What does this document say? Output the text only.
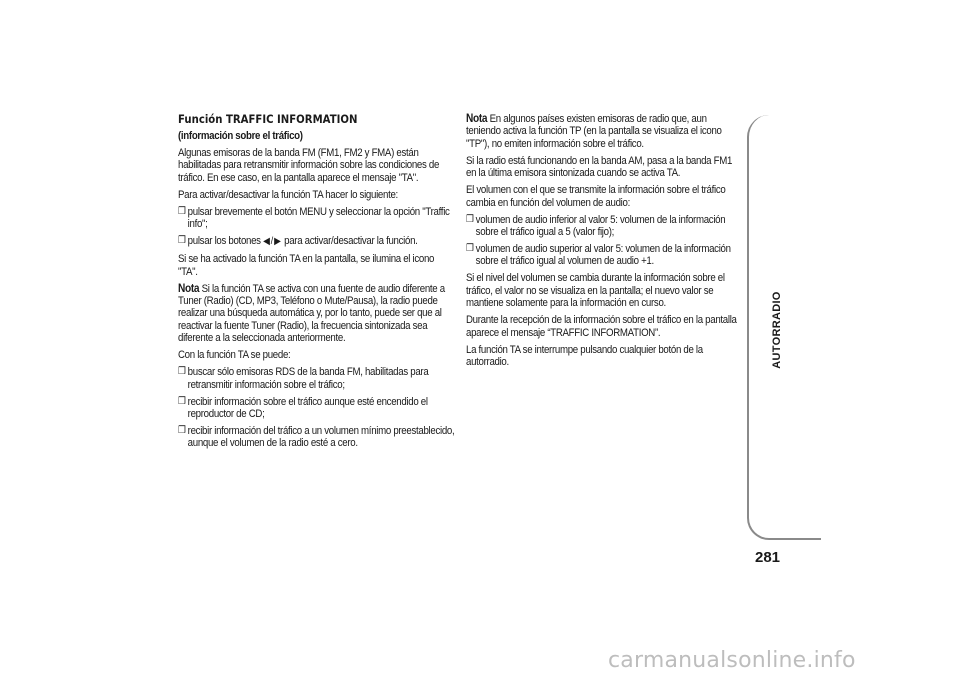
Función TRAFFIC INFORMATION

(información sobre el tráfico)

Algunas emisoras de la banda FM (FM1, FM2 y FMA) están habilitadas para retransmitir información sobre las condiciones de tráfico. En ese caso, en la pantalla aparece el mensaje "TA".

Para activar/desactivar la función TA hacer lo siguiente:

❒ pulsar brevemente el botón MENU y seleccionar la opción "Traffic info";
❒ pulsar los botones ◀/▶ para activar/desactivar la función.

Si se ha activado la función TA en la pantalla, se ilumina el icono "TA".

Nota Si la función TA se activa con una fuente de audio diferente a Tuner (Radio) (CD, MP3, Teléfono o Mute/Pausa), la radio puede realizar una búsqueda automática y, por lo tanto, puede ser que al reactivar la fuente Tuner (Radio), la frecuencia sintonizada sea diferente a la seleccionada anteriormente.

Con la función TA se puede:

❒ buscar sólo emisoras RDS de la banda FM, habilitadas para retransmitir información sobre el tráfico;
❒ recibir información sobre el tráfico aunque esté encendido el reproductor de CD;
❒ recibir información del tráfico a un volumen mínimo preestablecido, aunque el volumen de la radio esté a cero.

Nota En algunos países existen emisoras de radio que, aun teniendo activa la función TP (en la pantalla se visualiza el icono "TP"), no emiten información sobre el tráfico.

Si la radio está funcionando en la banda AM, pasa a la banda FM1 en la última emisora sintonizada cuando se activa TA.

El volumen con el que se transmite la información sobre el tráfico cambia en función del volumen de audio:

❒ volumen de audio inferior al valor 5: volumen de la información sobre el tráfico igual a 5 (valor fijo);
❒ volumen de audio superior al valor 5: volumen de la información sobre el tráfico igual al volumen de audio +1.

Si el nivel del volumen se cambia durante la información sobre el tráfico, el valor no se visualiza en la pantalla; el nuevo valor se mantiene solamente para la información en curso.

Durante la recepción de la información sobre el tráfico en la pantalla aparece el mensaje “TRAFFIC INFORMATION”.

La función TA se interrumpe pulsando cualquier botón de la autorradio.	AUTORRADIO
281
carmanualsonline.info
